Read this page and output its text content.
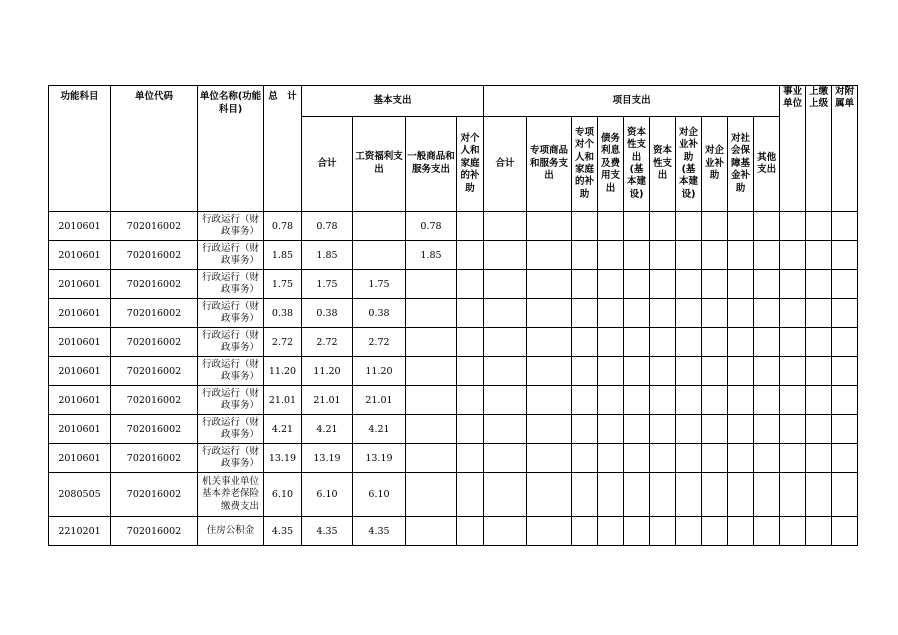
功能科目	单位代码	单位名称(功能科目)	总　计	基本支出				项目支出										事业单位	上缴上级	对附属单

				合计	工资福利支出	一般商品和服务支出	对个人和家庭的补助	合计	专项商品和服务支出	专项对个人和家庭的补助	债务利息及费用支出	资本性支出(基本建设)	资本性支出	对企业补助(基本建设)	对企业补助	对社会保障基金补助	其他支出			
2010601	702016002	行政运行（财政事务）	0.78	0.78		0.78														
2010601	702016002	行政运行（财政事务）	1.85	1.85		1.85														
2010601	702016002	行政运行（财政事务）	1.75	1.75	1.75															
2010601	702016002	行政运行（财政事务）	0.38	0.38	0.38															
2010601	702016002	行政运行（财政事务）	2.72	2.72	2.72															
2010601	702016002	行政运行（财政事务）	11.20	11.20	11.20															
2010601	702016002	行政运行（财政事务）	21.01	21.01	21.01															
2010601	702016002	行政运行（财政事务）	4.21	4.21	4.21															
2010601	702016002	行政运行（财政事务）	13.19	13.19	13.19															
2080505	702016002	机关事业单位基本养老保险缴费支出	6.10	6.10	6.10															
2210201	702016002	住房公积金	4.35	4.35	4.35															
